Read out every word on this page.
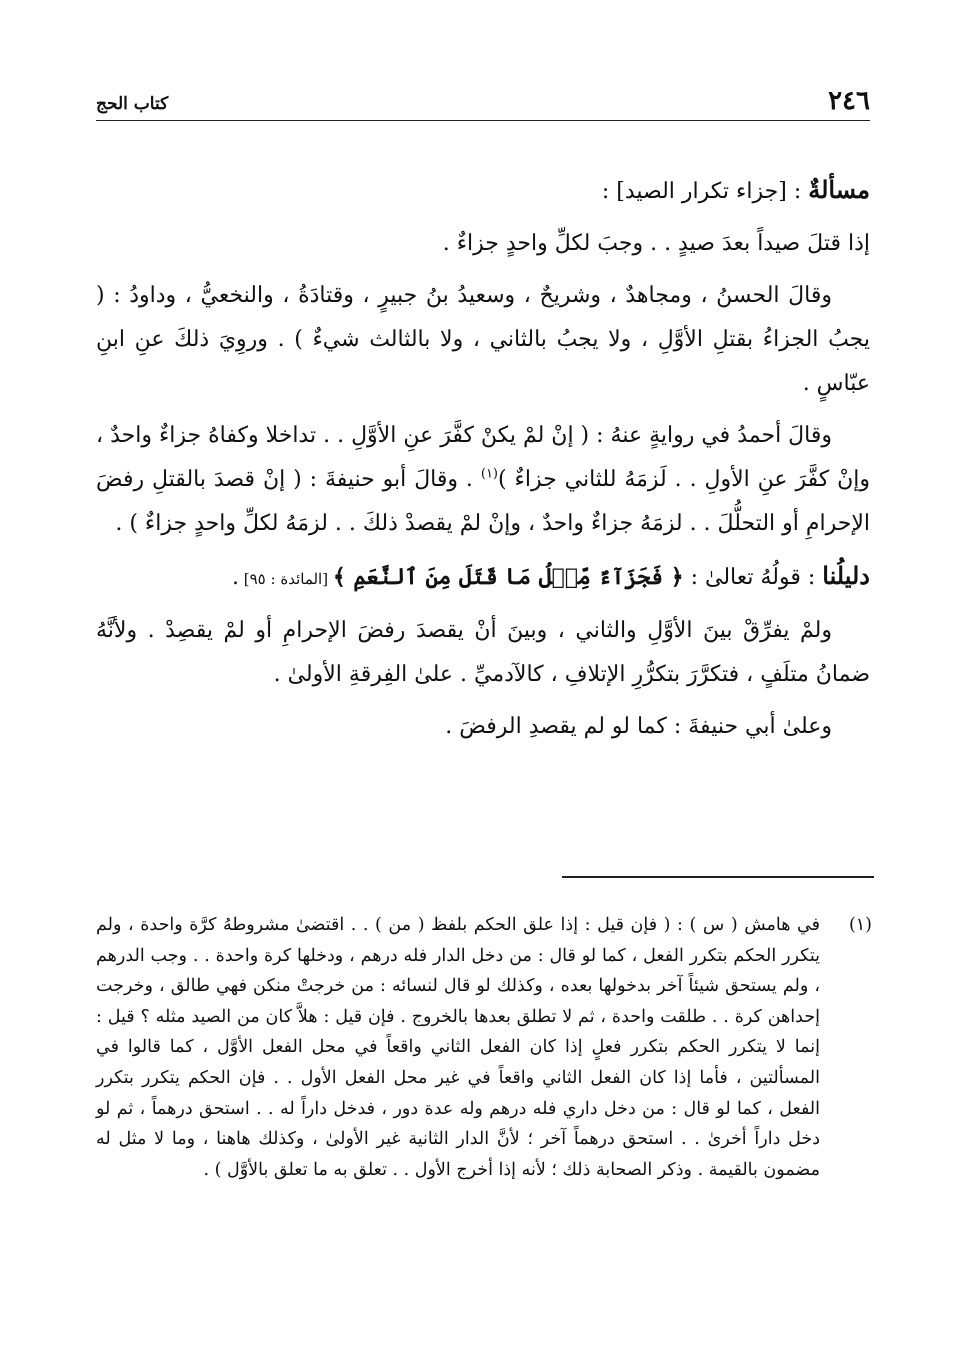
٢٤٦
كتاب الحج

مسألةٌ : [جزاء تكرار الصيد] :

إذا قتلَ صيداً بعدَ صيدٍ . . وجبَ لكلِّ واحدٍ جزاءٌ .

وقالَ الحسنُ ، ومجاهدٌ ، وشريحٌ ، وسعيدُ بنُ جبيرٍ ، وقتادَةُ ، والنخعيُّ ، وداودُ : ( يجبُ الجزاءُ بقتلِ الأوَّلِ ، ولا يجبُ بالثاني ، ولا بالثالث شيءٌ ) . وروِيَ ذلكَ عنِ ابنِ عبّاسٍ .

وقالَ أحمدُ في روايةٍ عنهُ : ( إنْ لمْ يكنْ كفَّرَ عنِ الأوَّلِ . . تداخلا وكفاهُ جزاءٌ واحدٌ ، وإنْ كفَّرَ عنِ الأولِ . . لَزمَهُ للثاني جزاءٌ )$^{(١)}$ . وقالَ أبو حنيفةَ : ( إنْ قصدَ بالقتلِ رفضَ الإحرامِ أو التحلُّلَ . . لزمَهُ جزاءٌ واحدٌ ، وإنْ لمْ يقصدْ ذلكَ . . لزمَهُ لكلِّ واحدٍ جزاءٌ ) .

دليلُنا : قولُهُ تعالىٰ : ﴿ فَجَزَآءٌ مِّثۡلُ مَا قَتَلَ مِنَ ٱلنَّعَمِ ﴾ [المائدة : ٩٥] .

ولمْ يفرِّقْ بينَ الأوَّلِ والثاني ، وبينَ أنْ يقصدَ رفضَ الإحرامِ أو لمْ يقصِدْ . ولأنَّهُ ضمانُ متلَفٍ ، فتكرَّرَ بتكرُّرِ الإتلافِ ، كالآدميِّ . علىٰ الفِرقةِ الأولىٰ .

وعلىٰ أبي حنيفةَ : كما لو لم يقصدِ الرفضَ .

(١)
في هامش ( س ) : ( فإن قيل : إذا علق الحكم بلفظ ( من ) . . اقتضىٰ مشروطهُ كرَّة واحدة ، ولم يتكرر الحكم بتكرر الفعل ، كما لو قال : من دخل الدار فله درهم ، ودخلها كرة واحدة . . وجب الدرهم ، ولم يستحق شيئاً آخر بدخولها بعده ، وكذلك لو قال لنسائه : من خرجتْ منكن فهي طالق ، وخرجت إحداهن كرة . . طلقت واحدة ، ثم لا تطلق بعدها بالخروج . فإن قيل : هلاَّ كان من الصيد مثله ؟ قيل : إنما لا يتكرر الحكم بتكرر فعلٍ إذا كان الفعل الثاني واقعاً في محل الفعل الأوَّل ، كما قالوا في المسألتين ، فأما إذا كان الفعل الثاني واقعاً في غير محل الفعل الأول . . فإن الحكم يتكرر بتكرر الفعل ، كما لو قال : من دخل داري فله درهم وله عدة دور ، فدخل داراً له . . استحق درهماً ، ثم لو دخل داراً أخرىٰ . . استحق درهماً آخر ؛ لأنَّ الدار الثانية غير الأولىٰ ، وكذلك هاهنا ، وما لا مثل له مضمون بالقيمة . وذكر الصحابة ذلك ؛ لأنه إذا أخرج الأول . . تعلق به ما تعلق بالأوَّل ) .
